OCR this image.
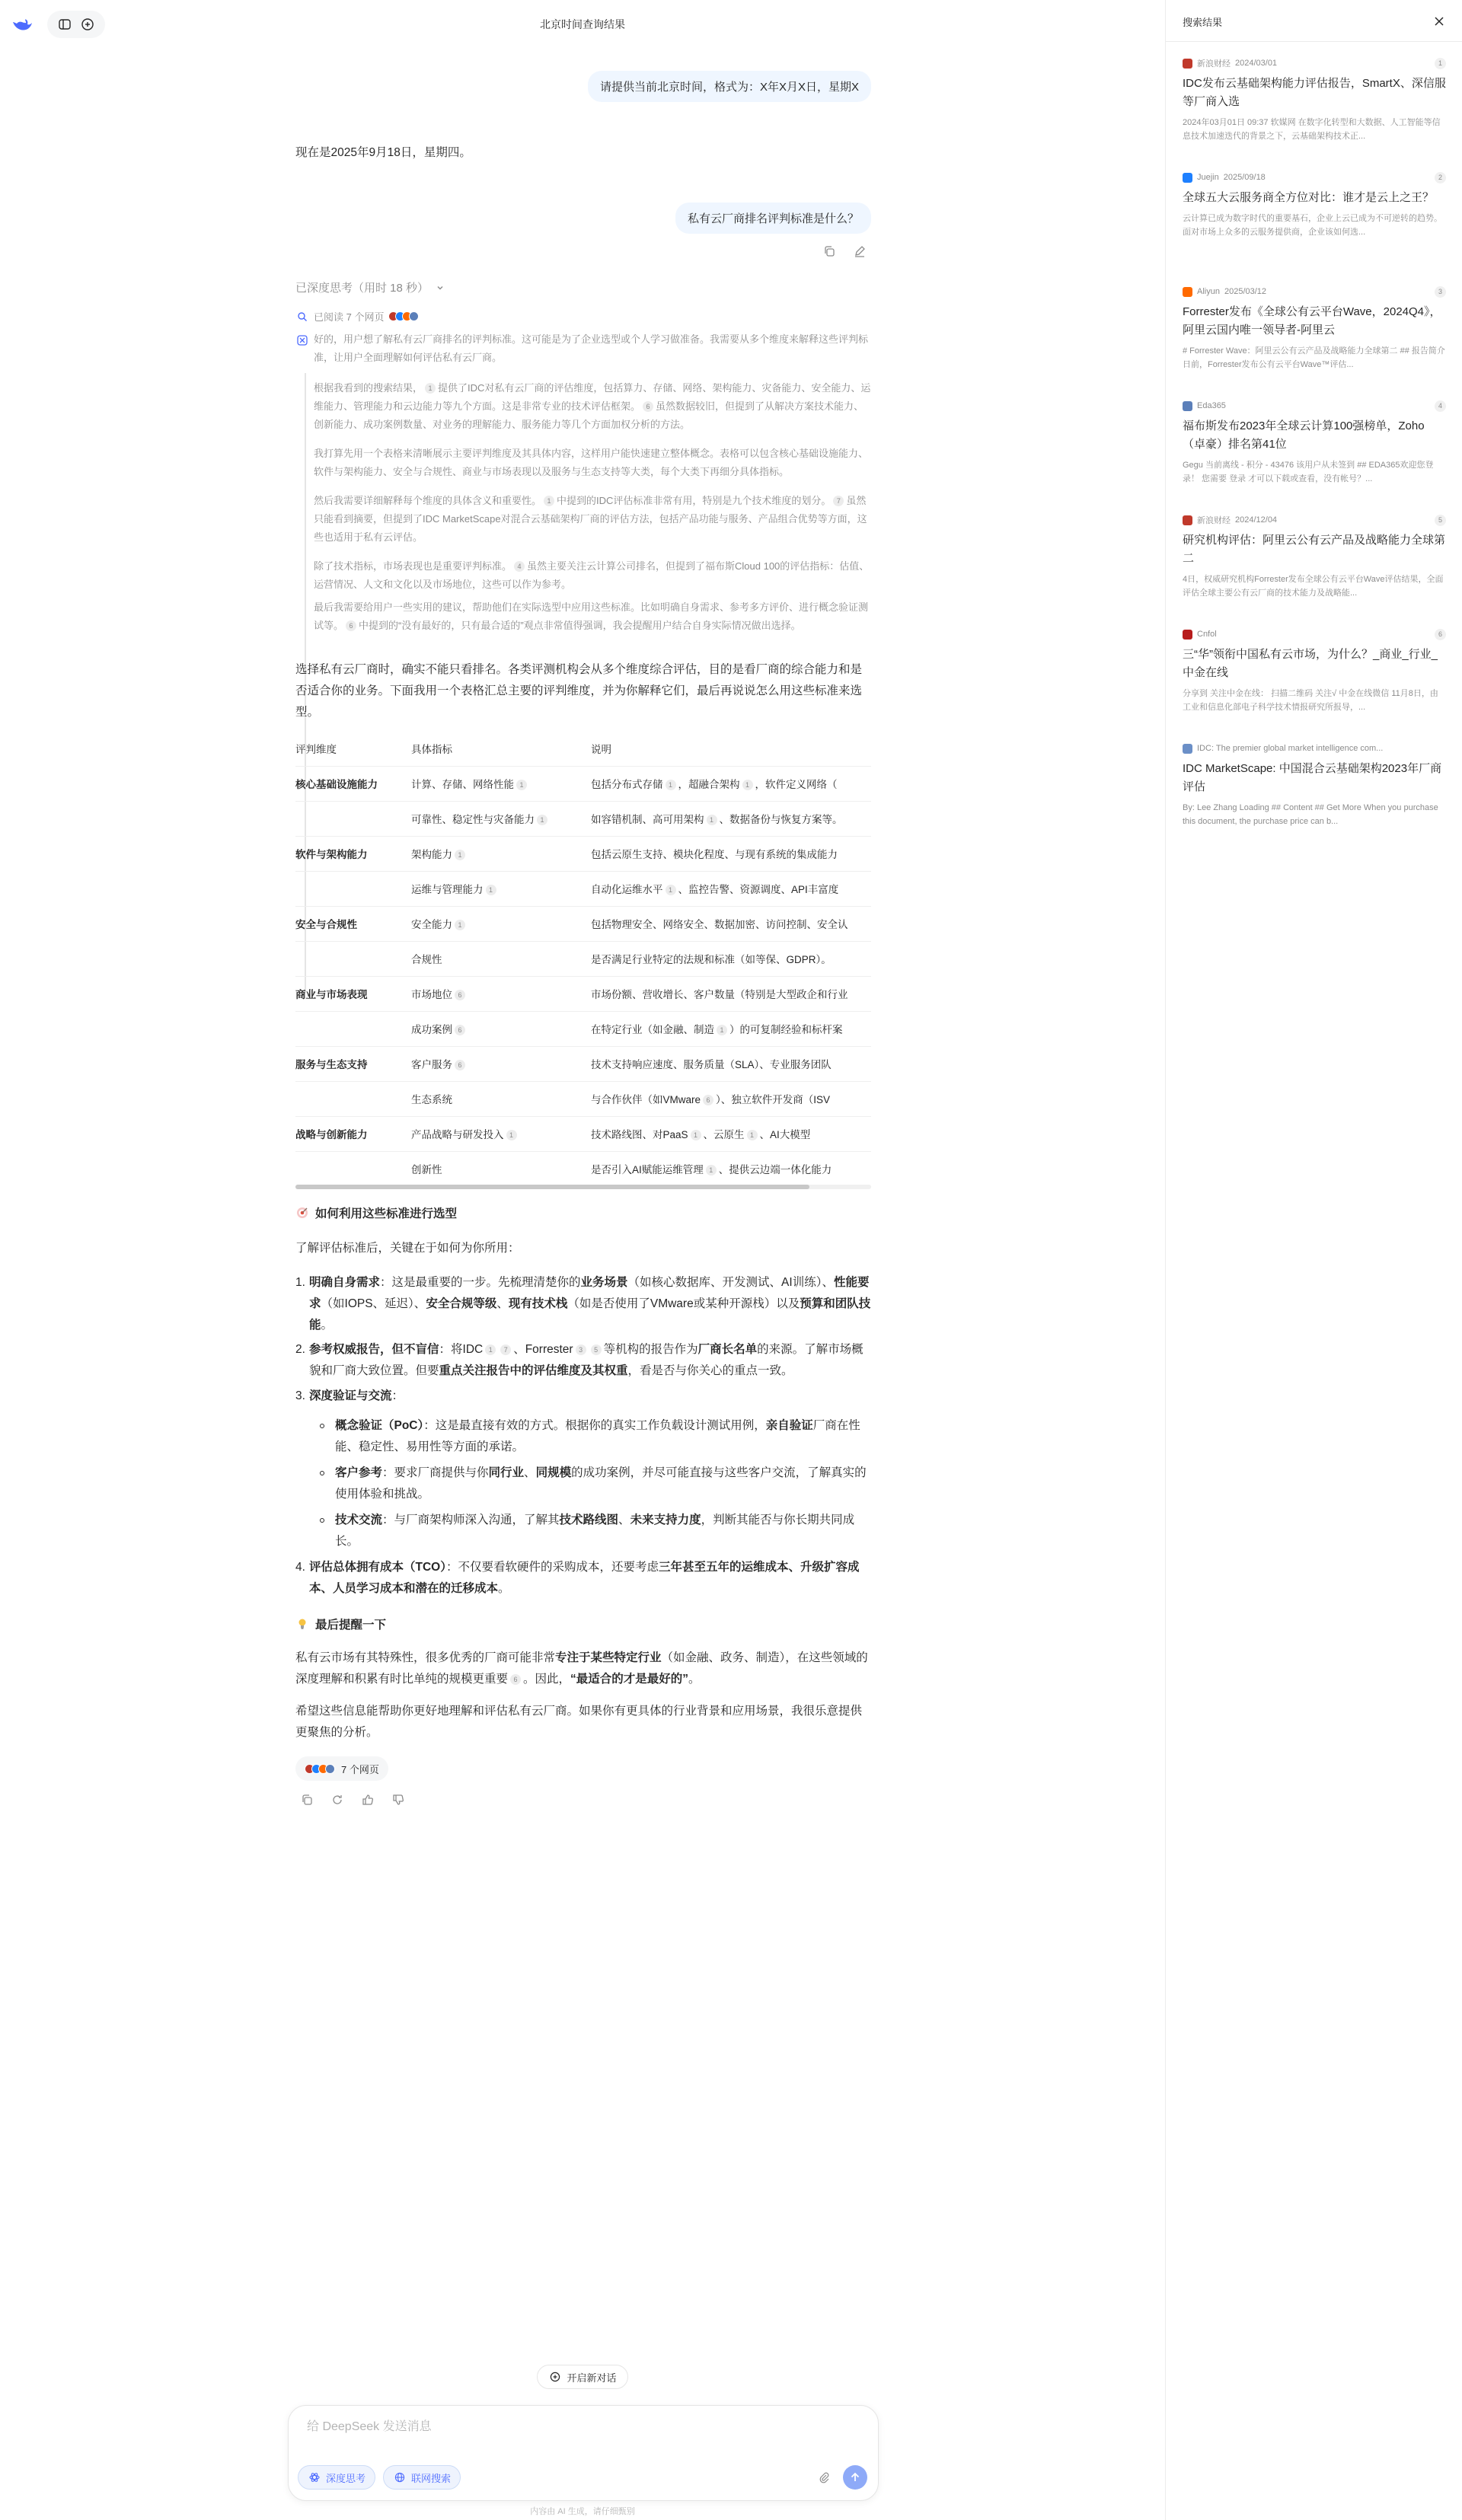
北京时间查询结果
请提供当前北京时间，格式为：X年X月X日，星期X
现在是2025年9月18日，星期四。
私有云厂商排名评判标准是什么？
已深度思考（用时 18 秒）
已阅读 7 个网页
好的，用户想了解私有云厂商排名的评判标准。这可能是为了企业选型或个人学习做准备。我需要从多个维度来解释这些评判标准，让用户全面理解如何评估私有云厂商。
根据我看到的搜索结果， 1 提供了IDC对私有云厂商的评估维度，包括算力、存储、网络、架构能力、灾备能力、安全能力、运维能力、管理能力和云边能力等九个方面。这是非常专业的技术评估框架。 6 虽然数据较旧，但提到了从解决方案技术能力、创新能力、成功案例数量、对业务的理解能力、服务能力等几个方面加权分析的方法。
我打算先用一个表格来清晰展示主要评判维度及其具体内容，这样用户能快速建立整体概念。表格可以包含核心基础设施能力、软件与架构能力、安全与合规性、商业与市场表现以及服务与生态支持等大类，每个大类下再细分具体指标。
然后我需要详细解释每个维度的具体含义和重要性。 1 中提到的IDC评估标准非常有用，特别是九个技术维度的划分。 7 虽然只能看到摘要，但提到了IDC MarketScape对混合云基础架构厂商的评估方法，包括产品功能与服务、产品组合优势等方面，这些也适用于私有云评估。
除了技术指标，市场表现也是重要评判标准。 4 虽然主要关注云计算公司排名，但提到了福布斯Cloud 100的评估指标：估值、运营情况、人文和文化以及市场地位，这些可以作为参考。
最后我需要给用户一些实用的建议，帮助他们在实际选型中应用这些标准。比如明确自身需求、参考多方评价、进行概念验证测试等。 6 中提到的“没有最好的，只有最合适的”观点非常值得强调，我会提醒用户结合自身实际情况做出选择。
选择私有云厂商时，确实不能只看排名。各类评测机构会从多个维度综合评估，目的是看厂商的综合能力和是否适合你的业务。下面我用一个表格汇总主要的评判维度，并为你解释它们，最后再说说怎么用这些标准来选型。
评判维度	具体指标	说明
核心基础设施能力	计算、存储、网络性能 1	包括分布式存储 1 ，超融合架构 1 ，软件定义网络（
	可靠性、稳定性与灾备能力 1	如容错机制、高可用架构 1 、数据备份与恢复方案等。
软件与架构能力	架构能力 1	包括云原生支持、模块化程度、与现有系统的集成能力
	运维与管理能力 1	自动化运维水平 1 、监控告警、资源调度、API丰富度
安全与合规性	安全能力 1	包括物理安全、网络安全、数据加密、访问控制、安全认
	合规性	是否满足行业特定的法规和标准（如等保、GDPR）。
商业与市场表现	市场地位 6	市场份额、营收增长、客户数量（特别是大型政企和行业
	成功案例 6	在特定行业（如金融、制造 1 ）的可复制经验和标杆案
服务与生态支持	客户服务 6	技术支持响应速度、服务质量（SLA）、专业服务团队
	生态系统	与合作伙伴（如VMware 6 ）、独立软件开发商（ISV
战略与创新能力	产品战略与研发投入 1	技术路线图、对PaaS 1 、云原生 1 、AI大模型
	创新性	是否引入AI赋能运维管理 1 、提供云边端一体化能力
如何利用这些标准进行选型
了解评估标准后，关键在于如何为你所用：
1. 明确自身需求：这是最重要的一步。先梳理清楚你的业务场景（如核心数据库、开发测试、AI训练）、性能要求（如IOPS、延迟）、安全合规等级、现有技术栈（如是否使用了VMware或某种开源栈）以及预算和团队技能。
2. 参考权威报告，但不盲信：将IDC 1 7 、Forrester 3 5 等机构的报告作为厂商长名单的来源。了解市场概貌和厂商大致位置。但要重点关注报告中的评估维度及其权重，看是否与你关心的重点一致。
3. 深度验证与交流：
概念验证（PoC）：这是最直接有效的方式。根据你的真实工作负载设计测试用例，亲自验证厂商在性能、稳定性、易用性等方面的承诺。
客户参考：要求厂商提供与你同行业、同规模的成功案例，并尽可能直接与这些客户交流，了解真实的使用体验和挑战。
技术交流：与厂商架构师深入沟通，了解其技术路线图、未来支持力度，判断其能否与你长期共同成长。
4. 评估总体拥有成本（TCO）：不仅要看软硬件的采购成本，还要考虑三年甚至五年的运维成本、升级扩容成本、人员学习成本和潜在的迁移成本。
最后提醒一下
私有云市场有其特殊性，很多优秀的厂商可能非常专注于某些特定行业（如金融、政务、制造），在这些领域的深度理解和积累有时比单纯的规模更重要 6 。因此，“最适合的才是最好的”。
希望这些信息能帮助你更好地理解和评估私有云厂商。如果你有更具体的行业背景和应用场景，我很乐意提供更聚焦的分析。
7 个网页
开启新对话
给 DeepSeek 发送消息
深度思考	联网搜索
内容由 AI 生成，请仔细甄别
搜索结果
新浪财经 2024/03/01	1
IDC发布云基础架构能力评估报告，SmartX、深信服等厂商入选
2024年03月01日 09:37 软媒网 在数字化转型和大数据、人工智能等信息技术加速迭代的背景之下，云基础架构技术正...
Juejin 2025/09/18	2
全球五大云服务商全方位对比：谁才是云上之王？
云计算已成为数字时代的重要基石，企业上云已成为不可逆转的趋势。面对市场上众多的云服务提供商，企业该如何选...
Aliyun 2025/03/12	3
Forrester发布《全球公有云平台Wave，2024Q4》，阿里云国内唯一领导者-阿里云
# Forrester Wave：阿里云公有云产品及战略能力全球第二 ## 报告简介 日前，Forrester发布公有云平台Wave™评估...
Eda365	4
福布斯发布2023年全球云计算100强榜单，Zoho（卓豪）排名第41位
Gegu 当前离线 - 积分 - 43476 该用户从未签到 ## EDA365欢迎您登录！ 您需要 登录 才可以下载或查看，没有帐号？...
新浪财经 2024/12/04	5
研究机构评估：阿里云公有云产品及战略能力全球第二
4日，权威研究机构Forrester发布全球公有云平台Wave评估结果，全面评估全球主要公有云厂商的技术能力及战略能...
Cnfol	6
三“华”领衔中国私有云市场，为什么？_商业_行业_中金在线
分享到 关注中金在线： 扫描二维码 关注√ 中金在线微信 11月8日，由工业和信息化部电子科学技术情报研究所报导，...
IDC: The premier global market intelligence com...
IDC MarketScape: 中国混合云基础架构2023年厂商评估
By: Lee Zhang Loading ## Content ## Get More When you purchase this document, the purchase price can b...
